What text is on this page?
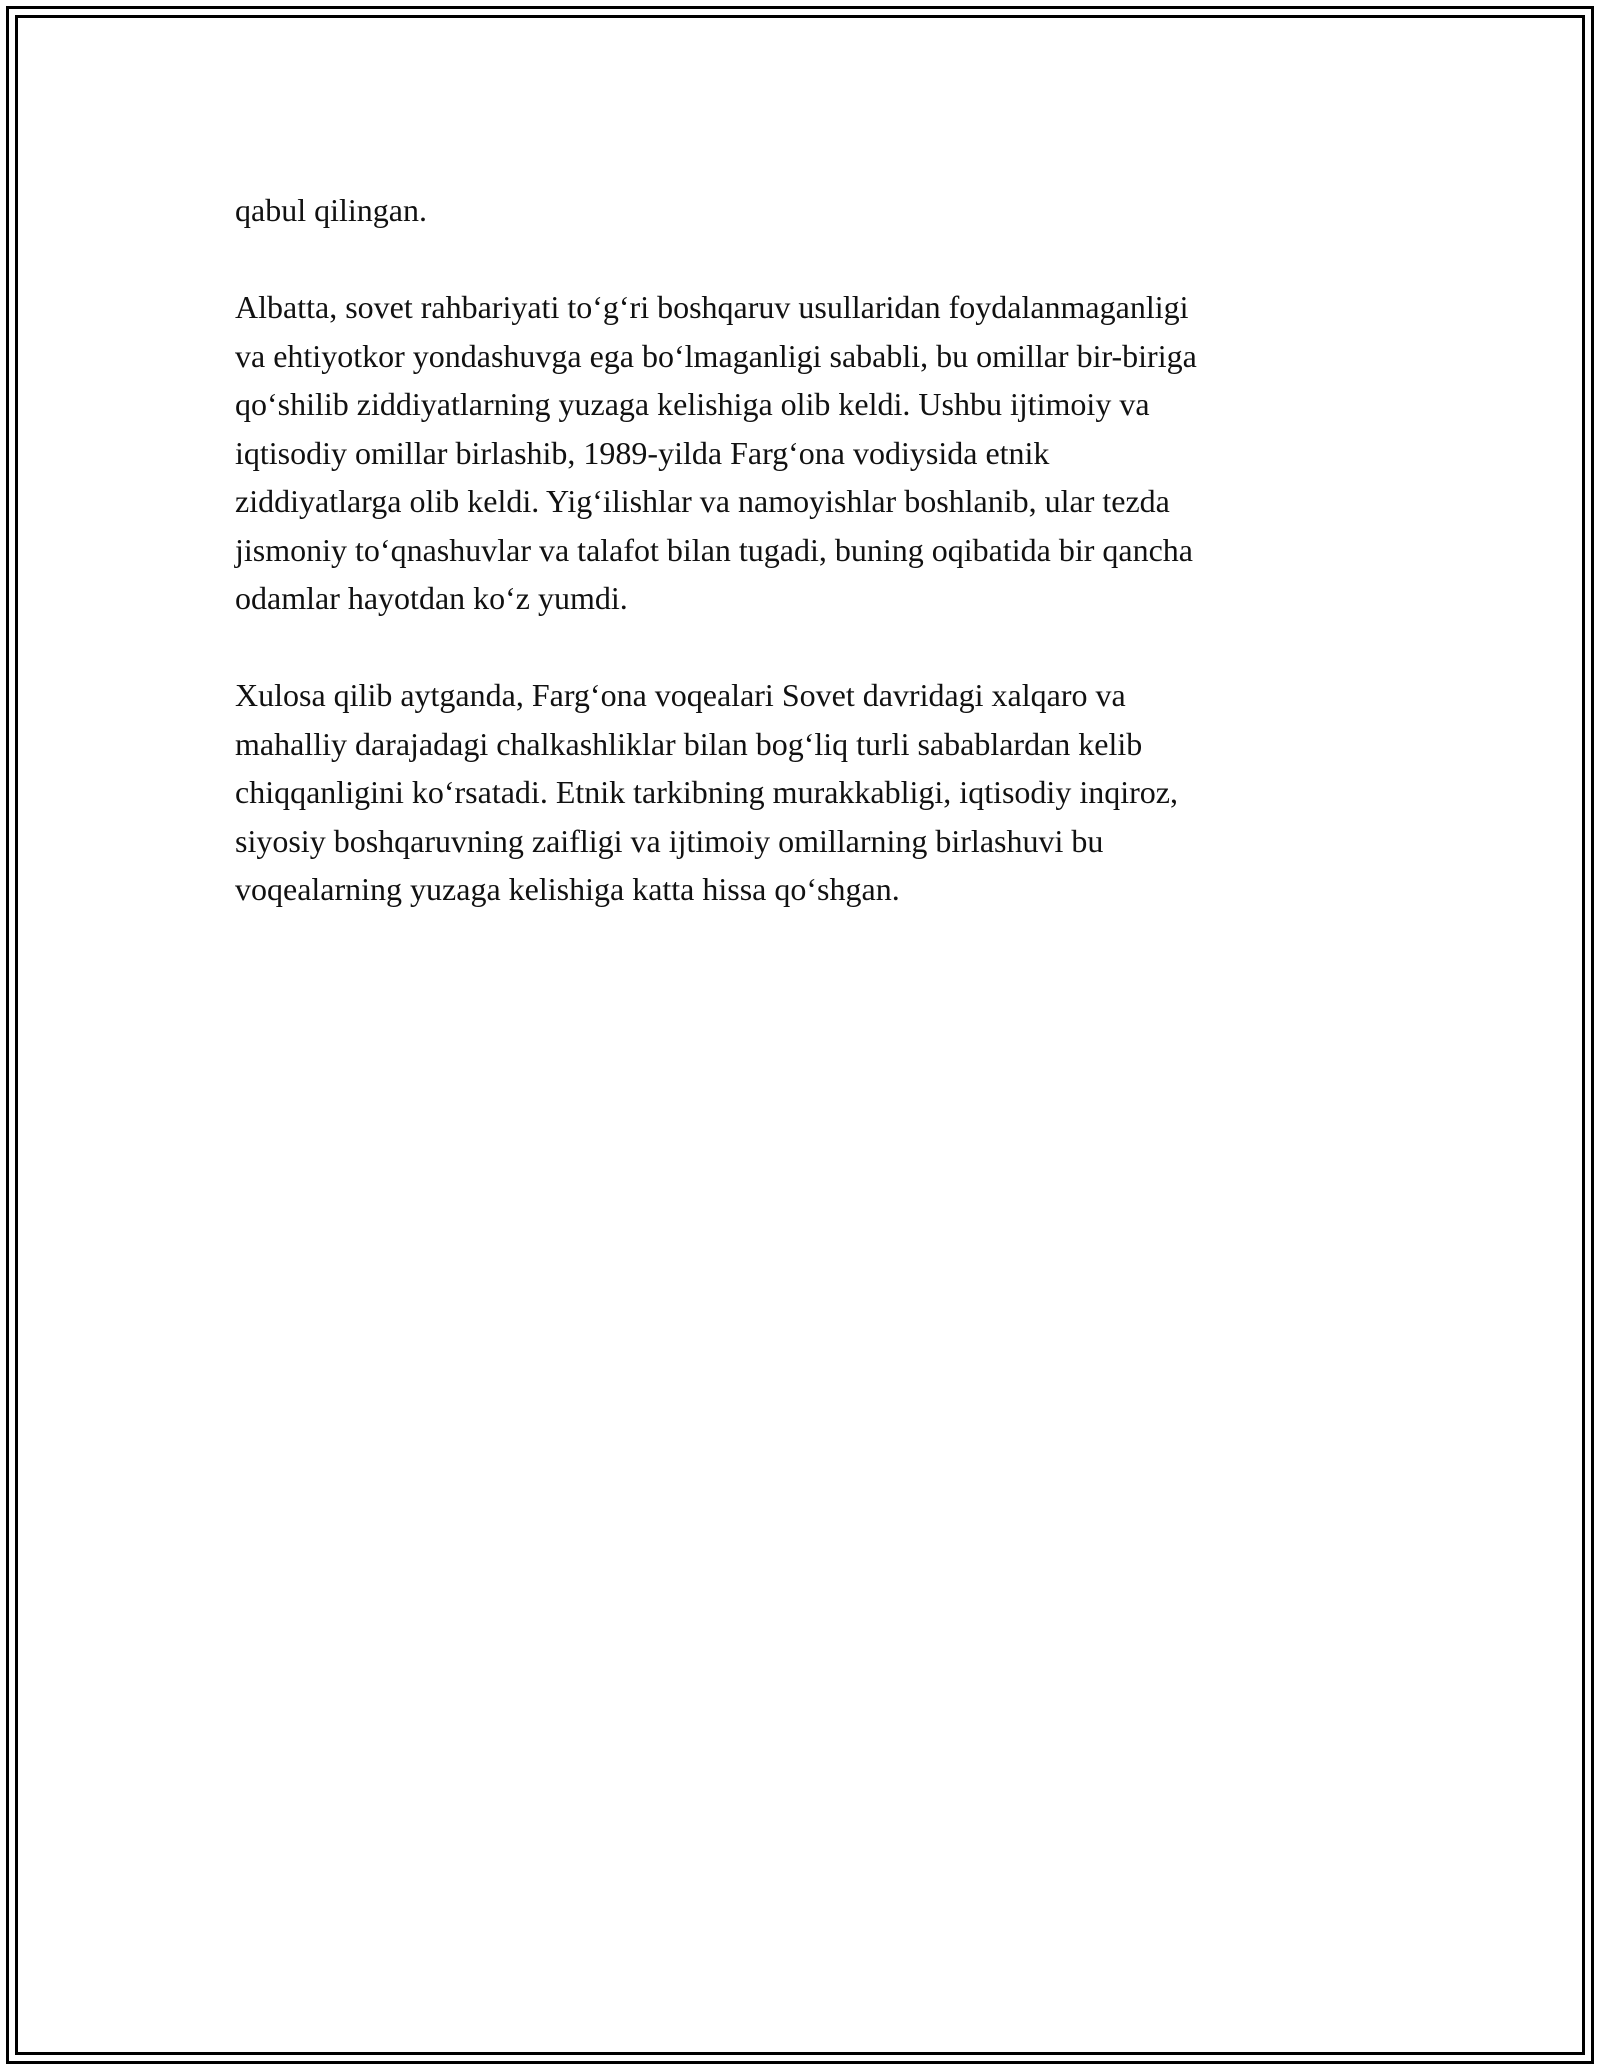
qabul qilingan.

Albatta, sovet rahbariyati to‘g‘ri boshqaruv usullaridan foydalanmaganligi
va ehtiyotkor yondashuvga ega bo‘lmaganligi sababli, bu omillar bir-biriga
qo‘shilib ziddiyatlarning yuzaga kelishiga olib keldi. Ushbu ijtimoiy va
iqtisodiy omillar birlashib, 1989-yilda Farg‘ona vodiysida etnik
ziddiyatlarga olib keldi. Yig‘ilishlar va namoyishlar boshlanib, ular tezda
jismoniy to‘qnashuvlar va talafot bilan tugadi, buning oqibatida bir qancha
odamlar hayotdan ko‘z yumdi.

Xulosa qilib aytganda, Farg‘ona voqealari Sovet davridagi xalqaro va
mahalliy darajadagi chalkashliklar bilan bog‘liq turli sabablardan kelib
chiqqanligini ko‘rsatadi. Etnik tarkibning murakkabligi, iqtisodiy inqiroz,
siyosiy boshqaruvning zaifligi va ijtimoiy omillarning birlashuvi bu
voqealarning yuzaga kelishiga katta hissa qo‘shgan.
